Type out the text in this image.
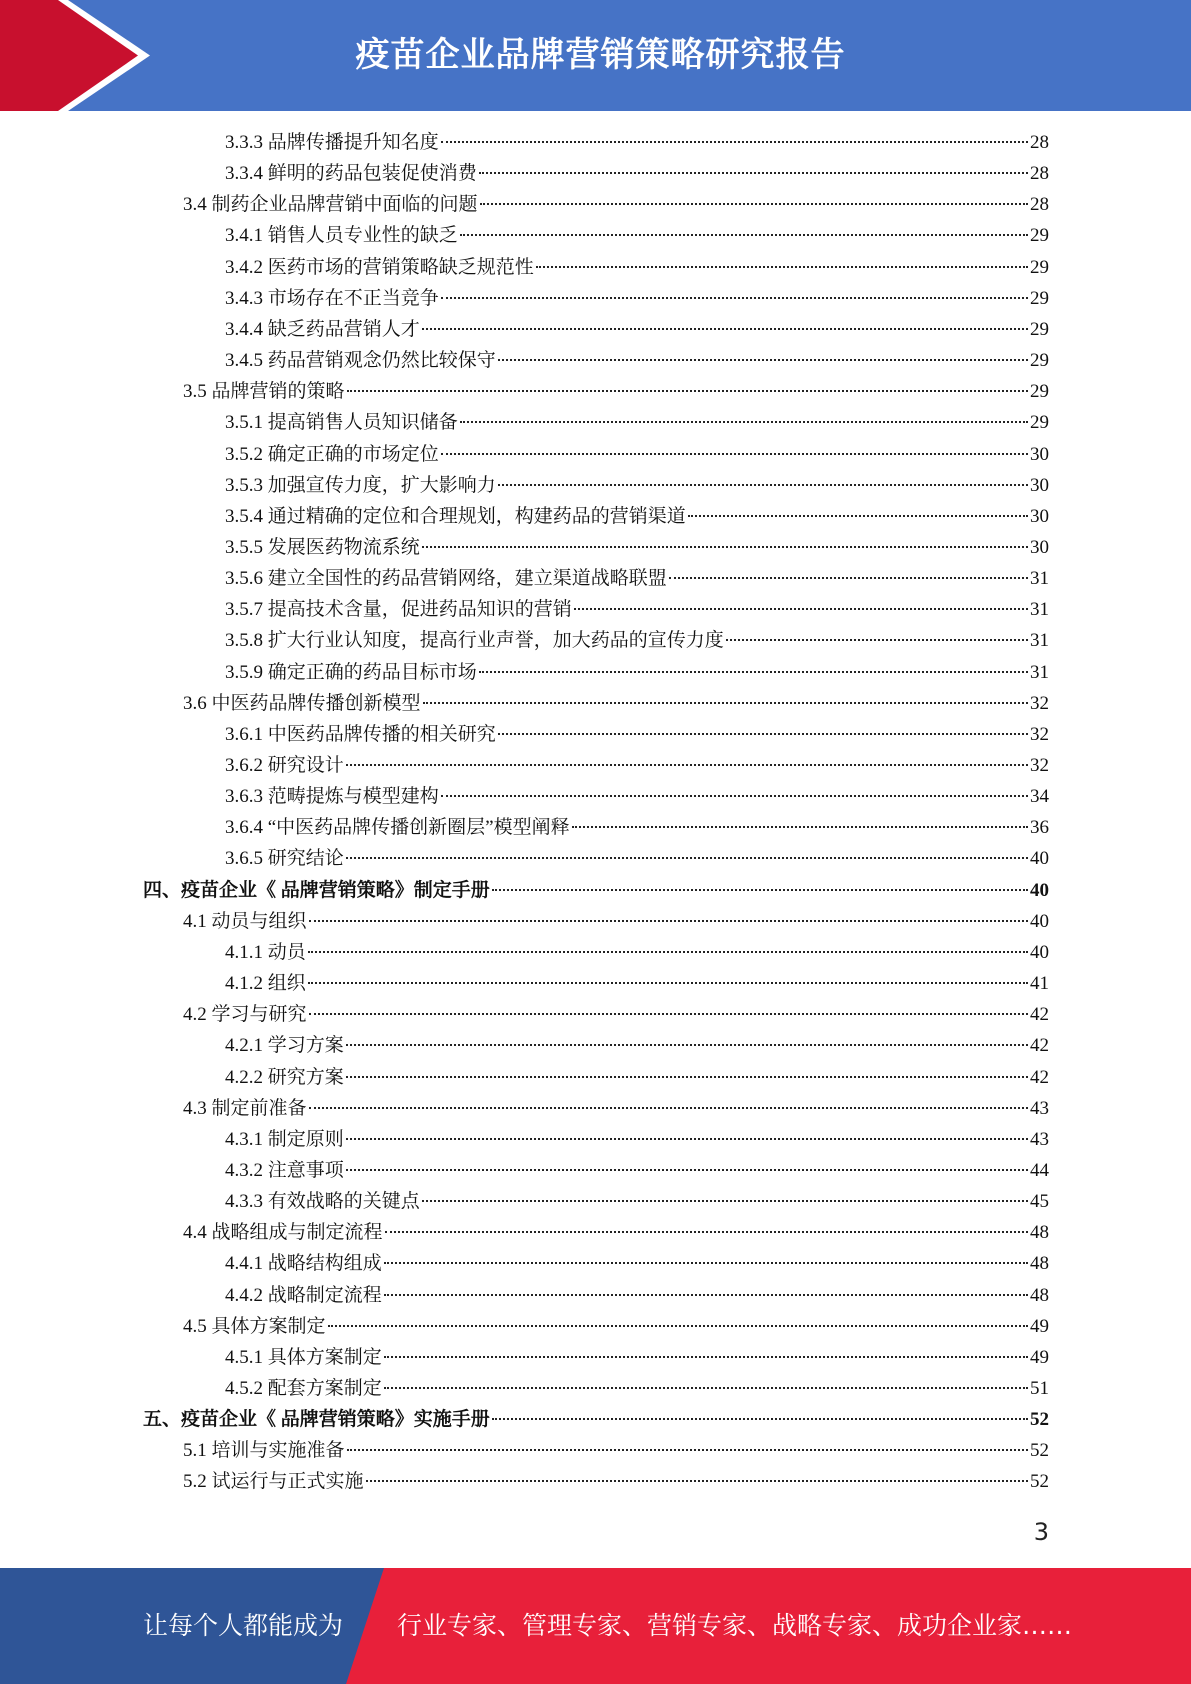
疫苗企业品牌营销策略研究报告
3.3.3 品牌传播提升知名度	28
3.3.4 鲜明的药品包装促使消费	28
3.4 制药企业品牌营销中面临的问题	28
3.4.1 销售人员专业性的缺乏	29
3.4.2 医药市场的营销策略缺乏规范性	29
3.4.3 市场存在不正当竞争	29
3.4.4 缺乏药品营销人才	29
3.4.5 药品营销观念仍然比较保守	29
3.5 品牌营销的策略	29
3.5.1 提高销售人员知识储备	29
3.5.2 确定正确的市场定位	30
3.5.3 加强宣传力度，扩大影响力	30
3.5.4 通过精确的定位和合理规划，构建药品的营销渠道	30
3.5.5 发展医药物流系统	30
3.5.6 建立全国性的药品营销网络，建立渠道战略联盟	31
3.5.7 提高技术含量，促进药品知识的营销	31
3.5.8 扩大行业认知度，提高行业声誉，加大药品的宣传力度	31
3.5.9 确定正确的药品目标市场	31
3.6 中医药品牌传播创新模型	32
3.6.1 中医药品牌传播的相关研究	32
3.6.2 研究设计	32
3.6.3 范畴提炼与模型建构	34
3.6.4 “中医药品牌传播创新圈层”模型阐释	36
3.6.5 研究结论	40
四、疫苗企业《 品牌营销策略》制定手册	40
4.1 动员与组织	40
4.1.1 动员	40
4.1.2 组织	41
4.2 学习与研究	42
4.2.1 学习方案	42
4.2.2 研究方案	42
4.3 制定前准备	43
4.3.1 制定原则	43
4.3.2 注意事项	44
4.3.3 有效战略的关键点	45
4.4 战略组成与制定流程	48
4.4.1 战略结构组成	48
4.4.2 战略制定流程	48
4.5 具体方案制定	49
4.5.1 具体方案制定	49
4.5.2 配套方案制定	51
五、疫苗企业《 品牌营销策略》实施手册	52
5.1 培训与实施准备	52
5.2 试运行与正式实施	52
3
让每个人都能成为 行业专家、管理专家、营销专家、战略专家、成功企业家……
